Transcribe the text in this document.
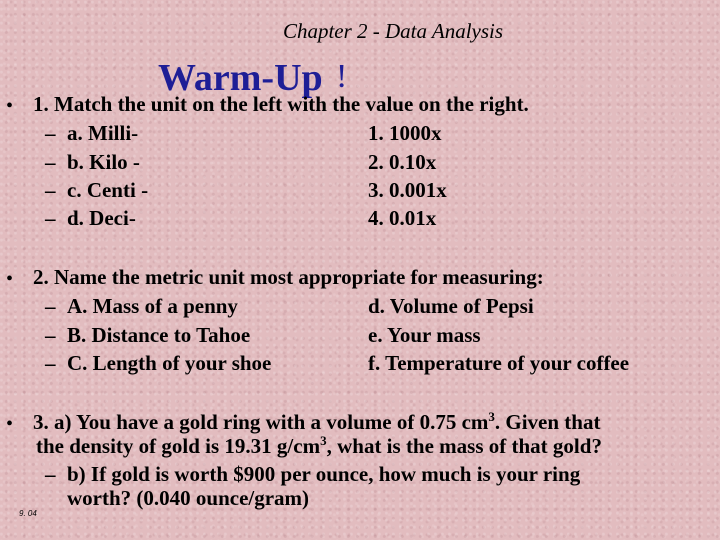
Chapter 2 - Data Analysis
Warm-Up !
• 1. Match the unit on the left with the value on the right.
– a. Milli-	1. 1000x
– b. Kilo -	2. 0.10x
– c. Centi -	3. 0.001x
– d. Deci-	4. 0.01x
• 2. Name the metric unit most appropriate for measuring:
– A. Mass of a penny	d. Volume of Pepsi
– B. Distance to Tahoe	e. Your mass
– C. Length of your shoe	f. Temperature of your coffee
• 3. a) You have a gold ring with a volume of 0.75 $cm^3$. Given that
the density of gold is 19.31 $g/cm^3$, what is the mass of that gold?
– b) If gold is worth $900 per ounce, how much is your ring
worth? (0.040 ounce/gram)
9. 04
